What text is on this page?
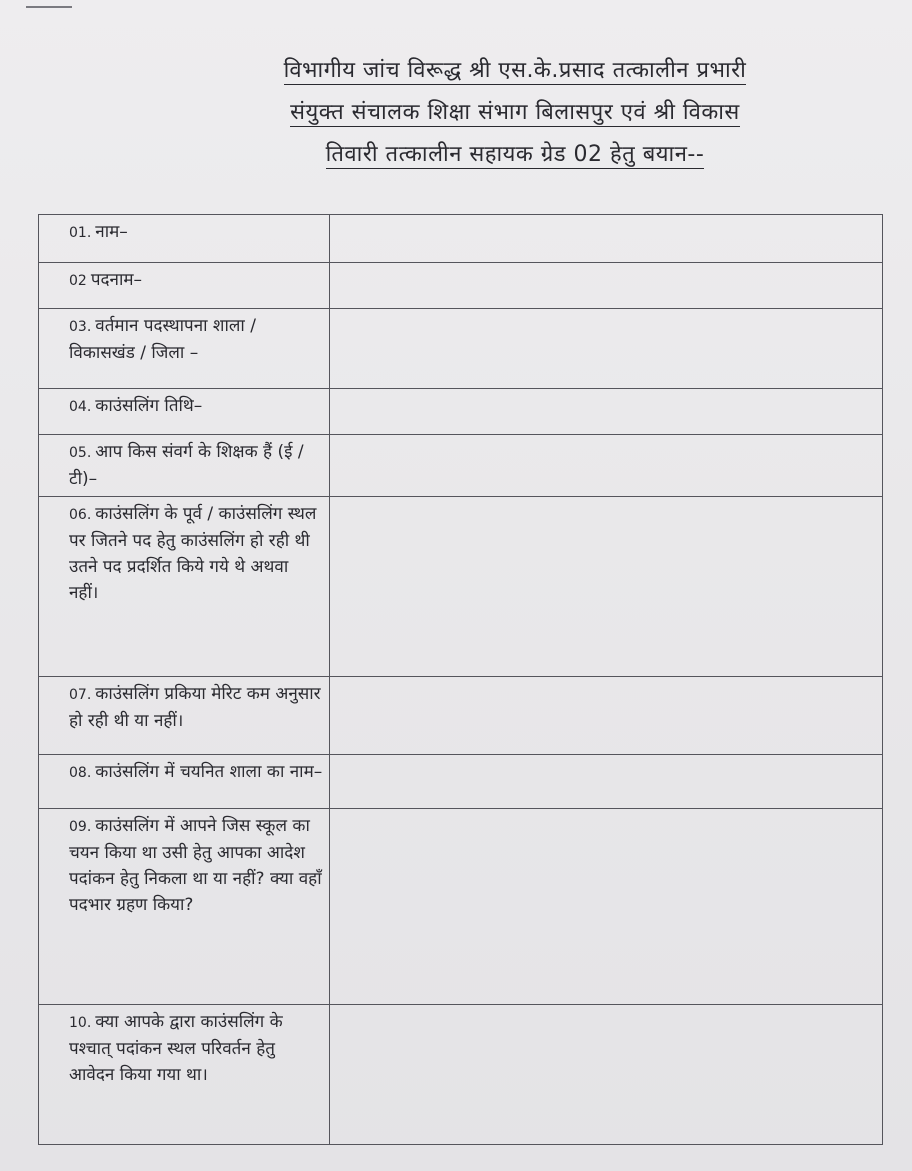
विभागीय जांच विरूद्ध श्री एस.के.प्रसाद तत्कालीन प्रभारी
संयुक्त संचालक शिक्षा संभाग बिलासपुर एवं श्री विकास
तिवारी तत्कालीन सहायक ग्रेड 02 हेतु बयान--
01. नाम–	
02 पदनाम–	
03. वर्तमान पदस्थापना शाला / विकासखंड / जिला –	
04. काउंसलिंग तिथि–	
05. आप किस संवर्ग के शिक्षक हैं (ई / टी)–	
06. काउंसलिंग के पूर्व / काउंसलिंग स्थल पर जितने पद हेतु काउंसलिंग हो रही थी उतने पद प्रदर्शित किये गये थे अथवा नहीं।	
07. काउंसलिंग प्रकिया मेरिट कम अनुसार हो रही थी या नहीं।	
08. काउंसलिंग में चयनित शाला का नाम–	
09. काउंसलिंग में आपने जिस स्कूल का चयन किया था उसी हेतु आपका आदेश पदांकन हेतु निकला था या नहीं? क्या वहाँ पदभार ग्रहण किया?	
10. क्या आपके द्वारा काउंसलिंग के पश्चात् पदांकन स्थल परिवर्तन हेतु आवेदन किया गया था।	
